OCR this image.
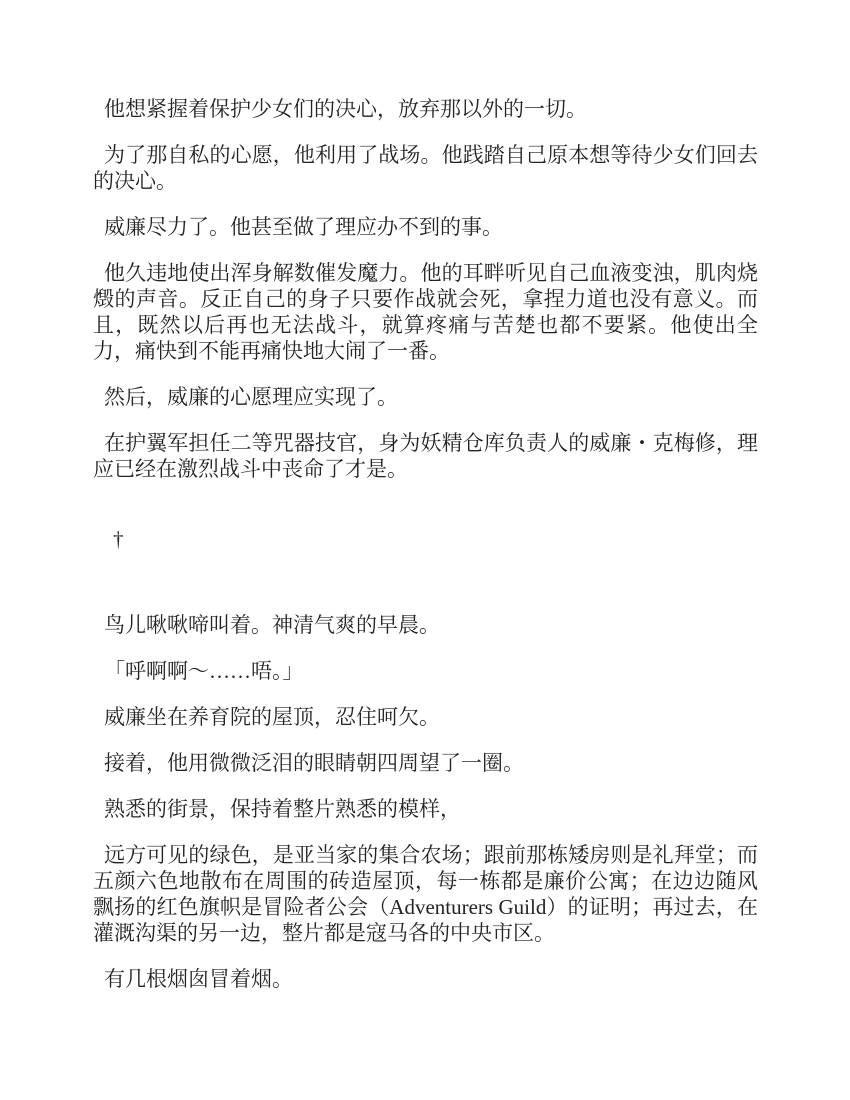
他想紧握着保护少女们的决心，放弃那以外的一切。

为了那自私的心愿，他利用了战场。他践踏自己原本想等待少女们回去的决心。

威廉尽力了。他甚至做了理应办不到的事。

他久违地使出浑身解数催发魔力。他的耳畔听见自己血液变浊，肌肉烧燬的声音。反正自己的身子只要作战就会死，拿捏力道也没有意义。而且，既然以后再也无法战斗，就算疼痛与苦楚也都不要紧。他使出全力，痛快到不能再痛快地大闹了一番。

然后，威廉的心愿理应实现了。

在护翼军担任二等咒器技官，身为妖精仓库负责人的威廉・克梅修，理应已经在激烈战斗中丧命了才是。

†

鸟儿啾啾啼叫着。神清气爽的早晨。

「呼啊啊～……唔。」

威廉坐在养育院的屋顶，忍住呵欠。

接着，他用微微泛泪的眼睛朝四周望了一圈。

熟悉的街景，保持着整片熟悉的模样，

远方可见的绿色，是亚当家的集合农场；跟前那栋矮房则是礼拜堂；而五颜六色地散布在周围的砖造屋顶，每一栋都是廉价公寓；在边边随风飘扬的红色旗帜是冒险者公会（Adventurers Guild）的证明；再过去，在灌溉沟渠的另一边，整片都是寇马各的中央市区。

有几根烟囱冒着烟。
